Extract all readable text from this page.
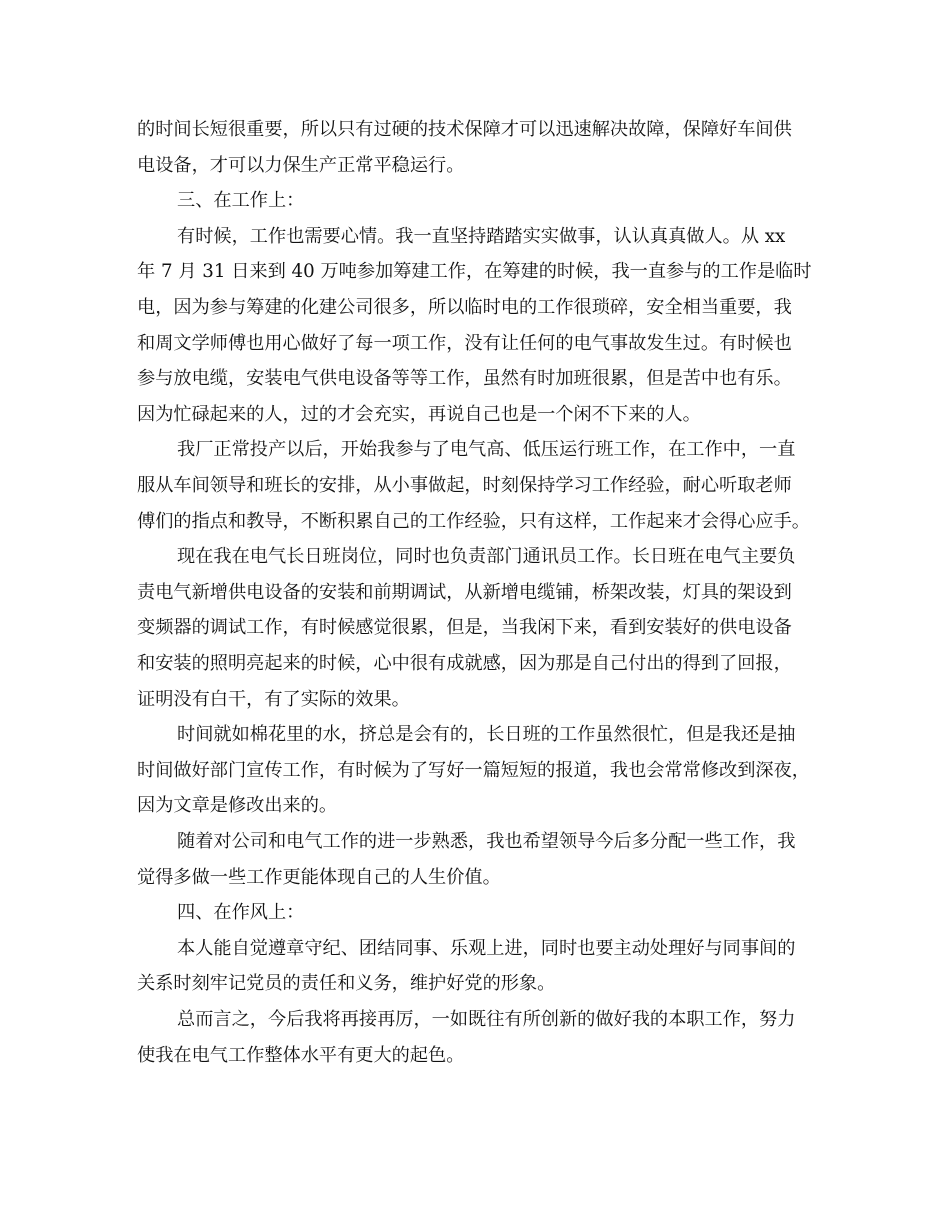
的时间长短很重要，所以只有过硬的技术保障才可以迅速解决故障，保障好车间供
电设备，才可以力保生产正常平稳运行。
三、在工作上：
有时候，工作也需要心情。我一直坚持踏踏实实做事，认认真真做人。从 xx
年 7 月 31 日来到 40 万吨参加筹建工作，在筹建的时候，我一直参与的工作是临时
电，因为参与筹建的化建公司很多，所以临时电的工作很琐碎，安全相当重要，我
和周文学师傅也用心做好了每一项工作，没有让任何的电气事故发生过。有时候也
参与放电缆，安装电气供电设备等等工作，虽然有时加班很累，但是苦中也有乐。
因为忙碌起来的人，过的才会充实，再说自己也是一个闲不下来的人。
我厂正常投产以后，开始我参与了电气高、低压运行班工作，在工作中，一直
服从车间领导和班长的安排，从小事做起，时刻保持学习工作经验，耐心听取老师
傅们的指点和教导，不断积累自己的工作经验，只有这样，工作起来才会得心应手。
现在我在电气长日班岗位，同时也负责部门通讯员工作。长日班在电气主要负
责电气新增供电设备的安装和前期调试，从新增电缆铺，桥架改装，灯具的架设到
变频器的调试工作，有时候感觉很累，但是，当我闲下来，看到安装好的供电设备
和安装的照明亮起来的时候，心中很有成就感，因为那是自己付出的得到了回报，
证明没有白干，有了实际的效果。
时间就如棉花里的水，挤总是会有的，长日班的工作虽然很忙，但是我还是抽
时间做好部门宣传工作，有时候为了写好一篇短短的报道，我也会常常修改到深夜，
因为文章是修改出来的。
随着对公司和电气工作的进一步熟悉，我也希望领导今后多分配一些工作，我
觉得多做一些工作更能体现自己的人生价值。
四、在作风上：
本人能自觉遵章守纪、团结同事、乐观上进，同时也要主动处理好与同事间的
关系时刻牢记党员的责任和义务，维护好党的形象。
总而言之，今后我将再接再厉，一如既往有所创新的做好我的本职工作，努力
使我在电气工作整体水平有更大的起色。
